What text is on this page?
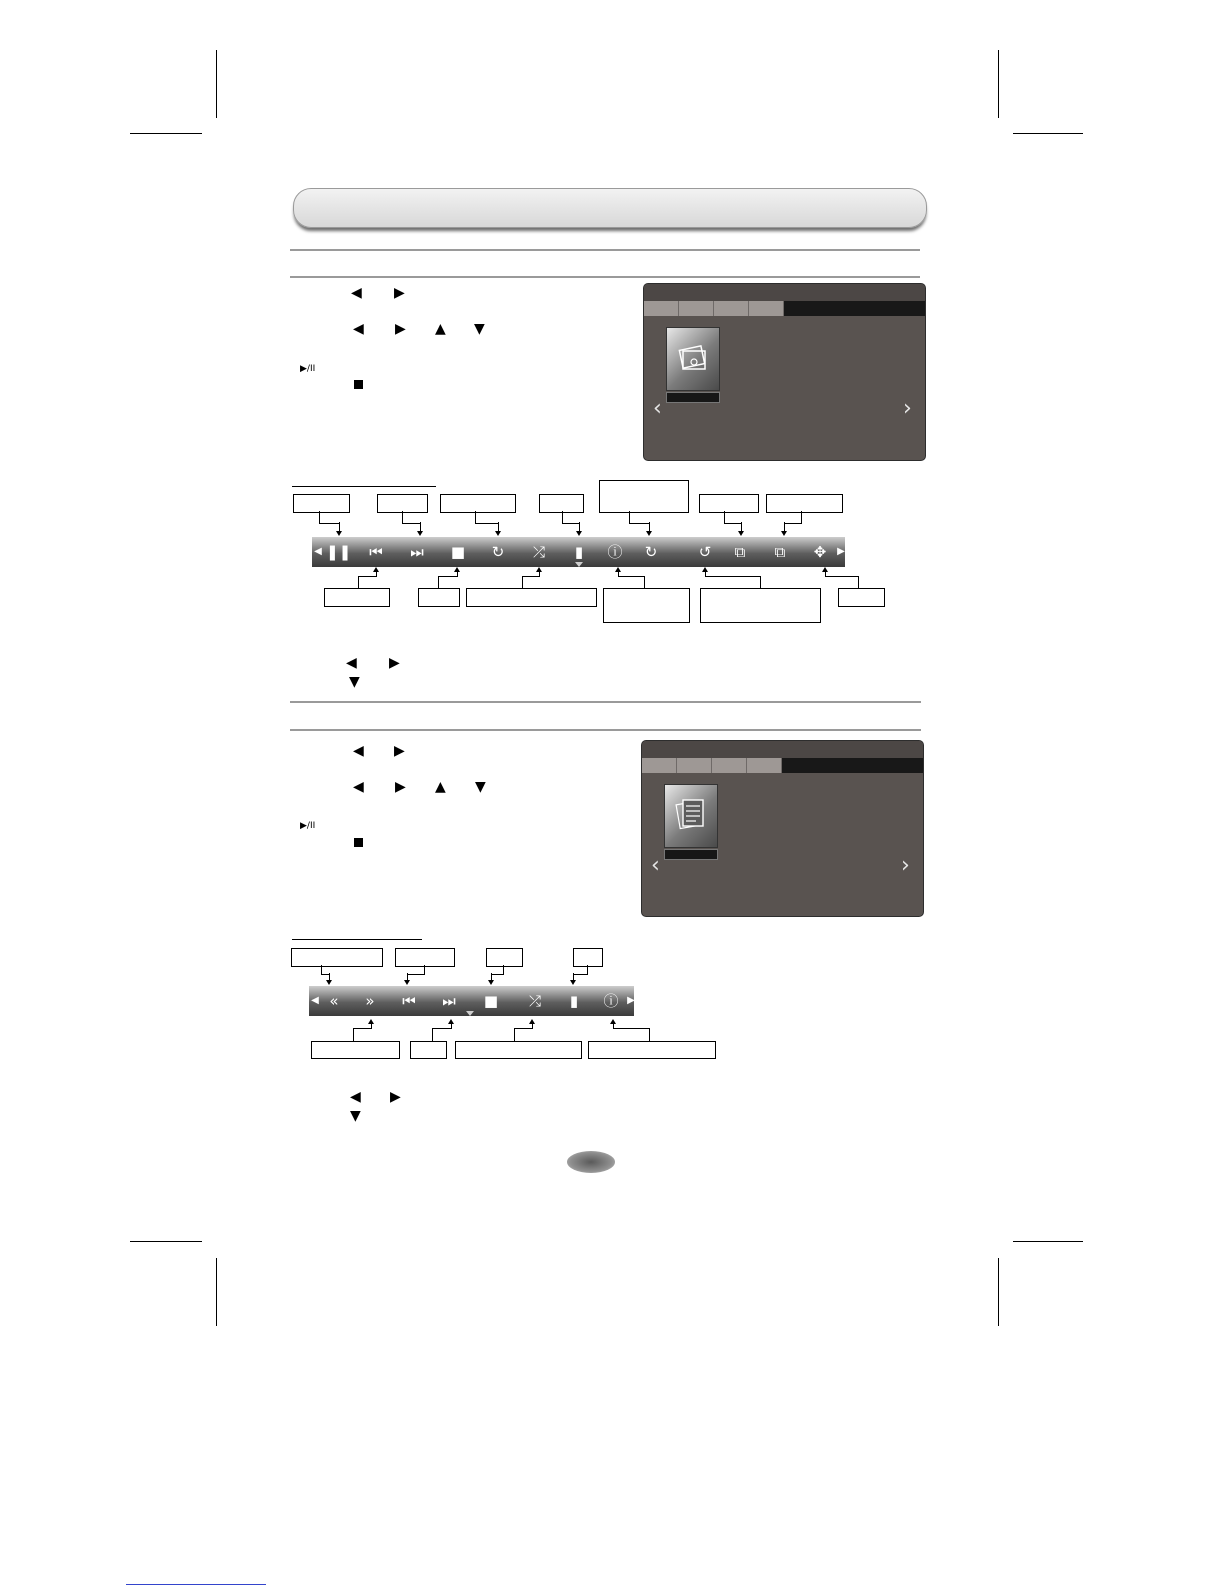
◀ ▶
◀ ▶ ▲ ▼
▶/II
‹	›
◀ ❚❚ ⏮ ⏭ ■ ↻ ⤮	▮	ⓘ ↻	↺	⧉	⧉	✥	▶
◀ ▶
▼
◀ ▶
◀ ▶ ▲ ▼
▶/II
‹	›
◀ «	»	⏮ ⏭ ■ ⤮	▮	ⓘ ▶
◀ ▶
▼
